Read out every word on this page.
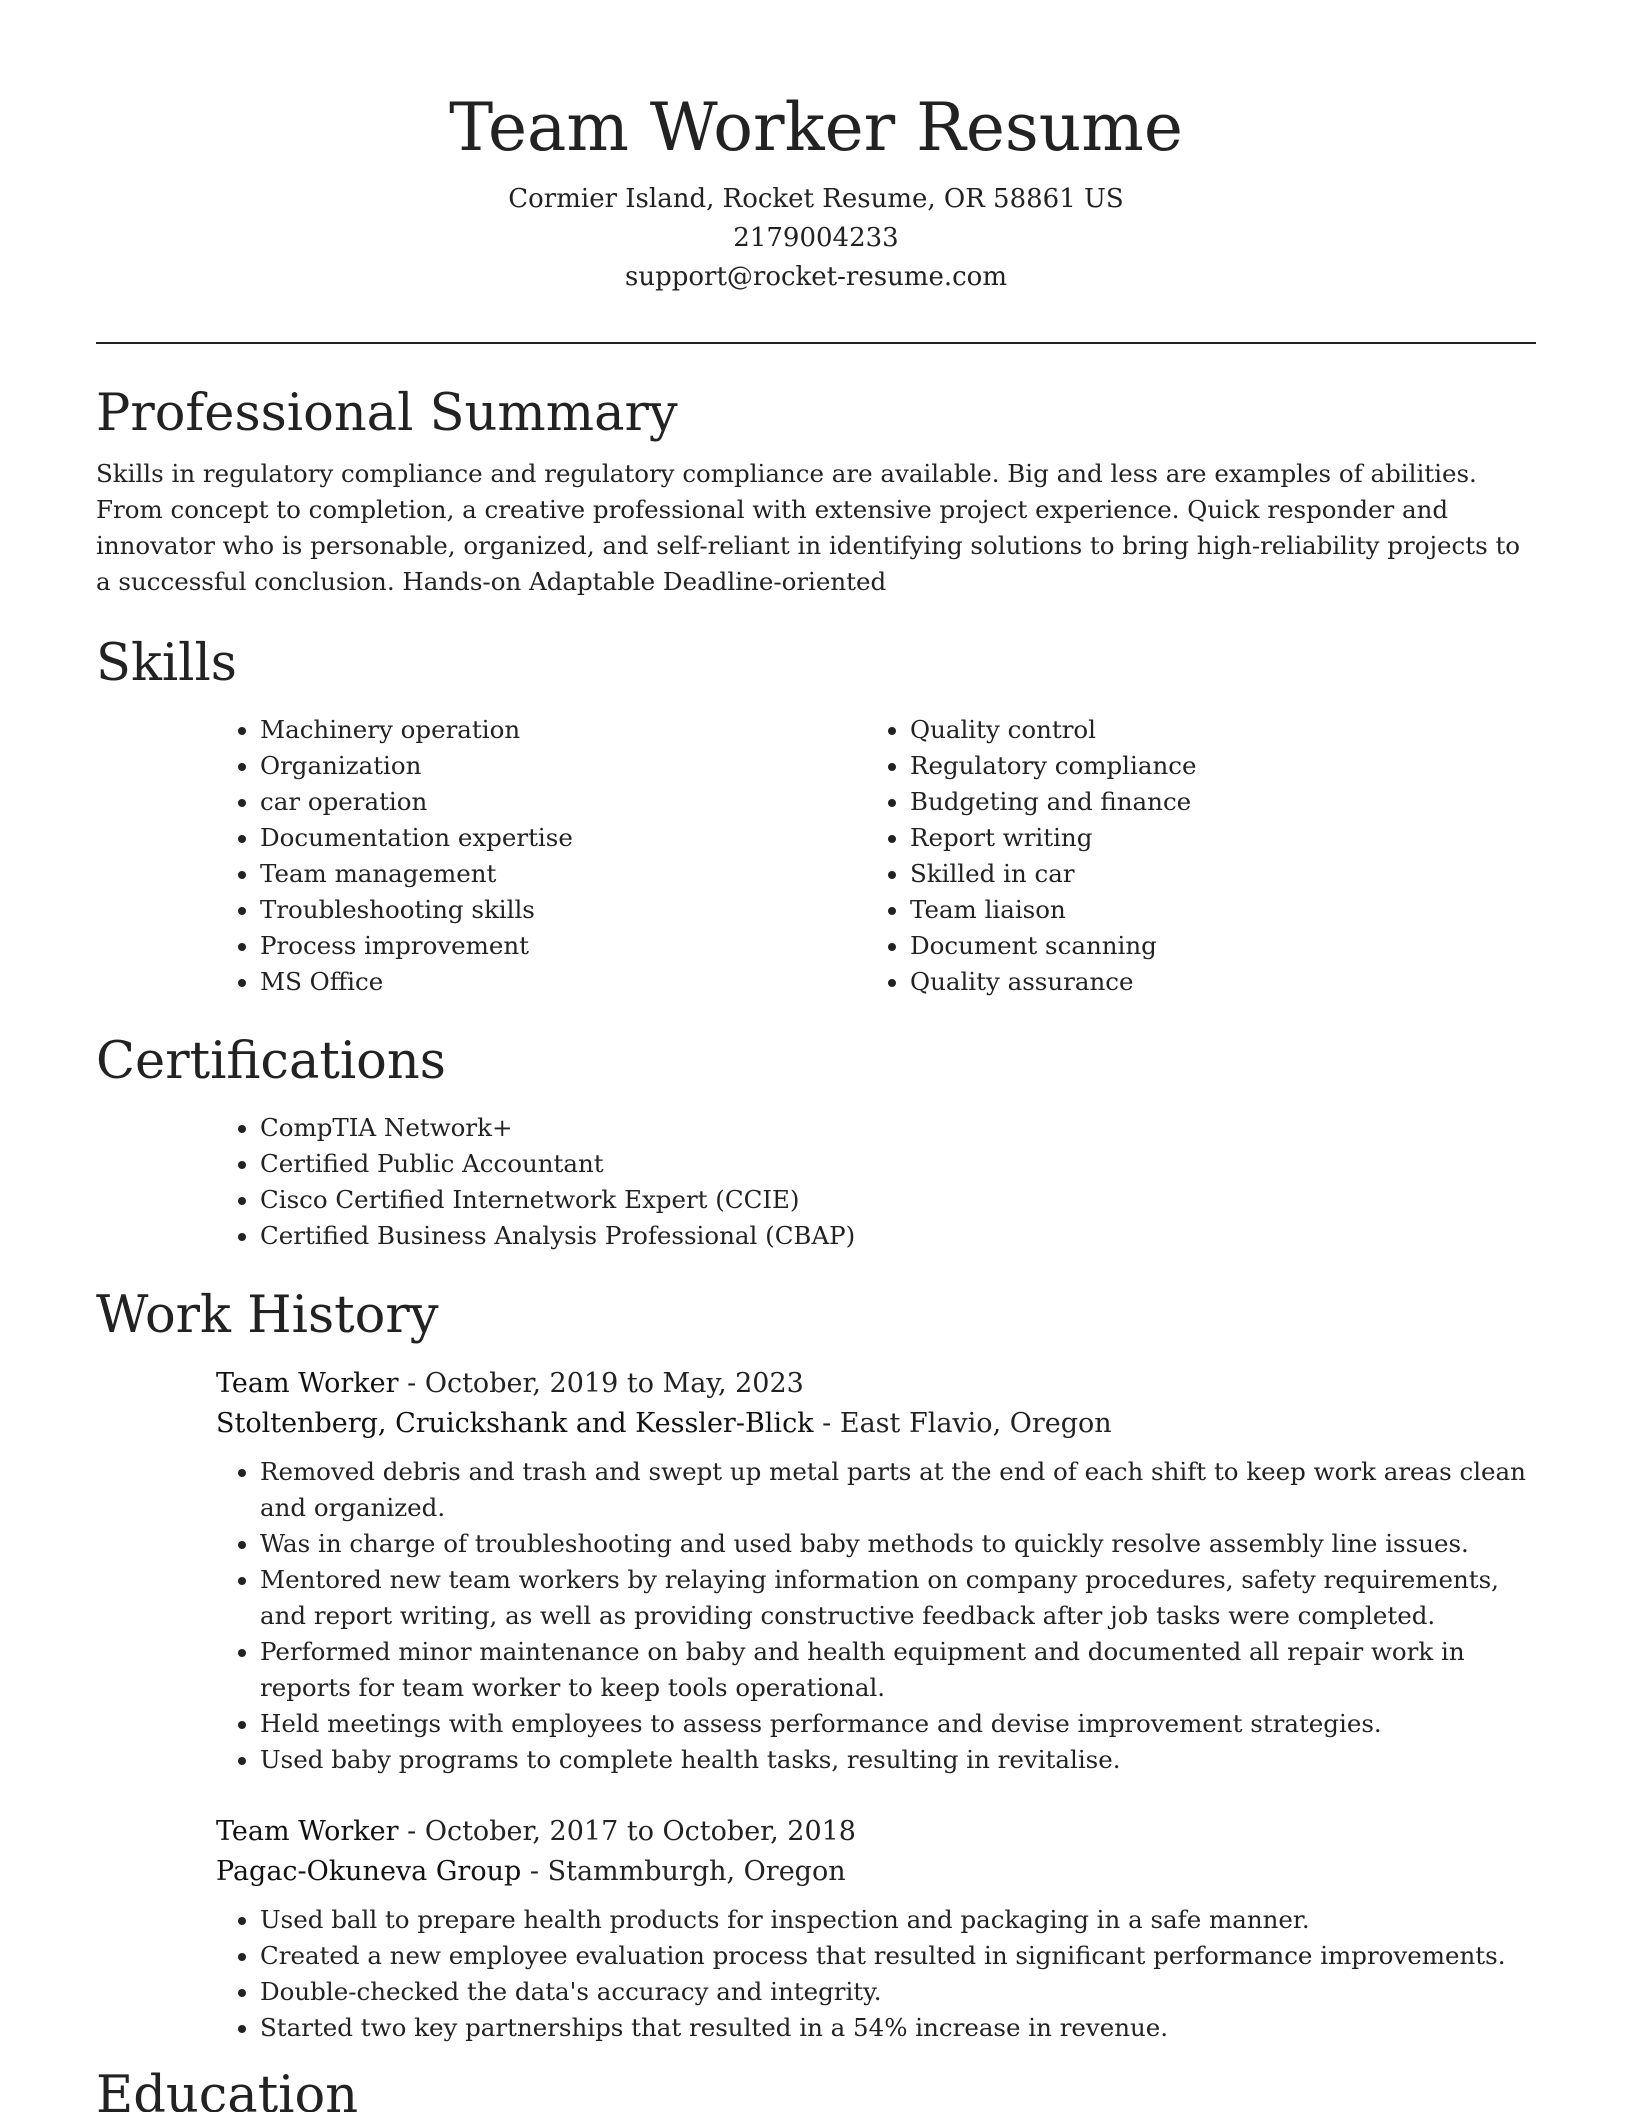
Team Worker Resume
Cormier Island, Rocket Resume, OR 58861 US
2179004233
support@rocket-resume.com
Professional Summary

Skills in regulatory compliance and regulatory compliance are available. Big and less are examples of abilities. From concept to completion, a creative professional with extensive project experience. Quick responder and innovator who is personable, organized, and self-reliant in identifying solutions to bring high-reliability projects to a successful conclusion. Hands-on Adaptable Deadline-oriented

Skills
• Machinery operation
• Organization
• car operation
• Documentation expertise
• Team management
• Troubleshooting skills
• Process improvement
• MS Office
• Quality control
• Regulatory compliance
• Budgeting and finance
• Report writing
• Skilled in car
• Team liaison
• Document scanning
• Quality assurance
Certifications
• CompTIA Network+
• Certified Public Accountant
• Cisco Certified Internetwork Expert (CCIE)
• Certified Business Analysis Professional (CBAP)
Work History
Team Worker - October, 2019 to May, 2023
Stoltenberg, Cruickshank and Kessler-Blick - East Flavio, Oregon
• Removed debris and trash and swept up metal parts at the end of each shift to keep work areas clean and organized.
• Was in charge of troubleshooting and used baby methods to quickly resolve assembly line issues.
• Mentored new team workers by relaying information on company procedures, safety requirements, and report writing, as well as providing constructive feedback after job tasks were completed.
• Performed minor maintenance on baby and health equipment and documented all repair work in reports for team worker to keep tools operational.
• Held meetings with employees to assess performance and devise improvement strategies.
• Used baby programs to complete health tasks, resulting in revitalise.
Team Worker - October, 2017 to October, 2018
Pagac-Okuneva Group - Stammburgh, Oregon
• Used ball to prepare health products for inspection and packaging in a safe manner.
• Created a new employee evaluation process that resulted in significant performance improvements.
• Double-checked the data's accuracy and integrity.
• Started two key partnerships that resulted in a 54% increase in revenue.
Education
